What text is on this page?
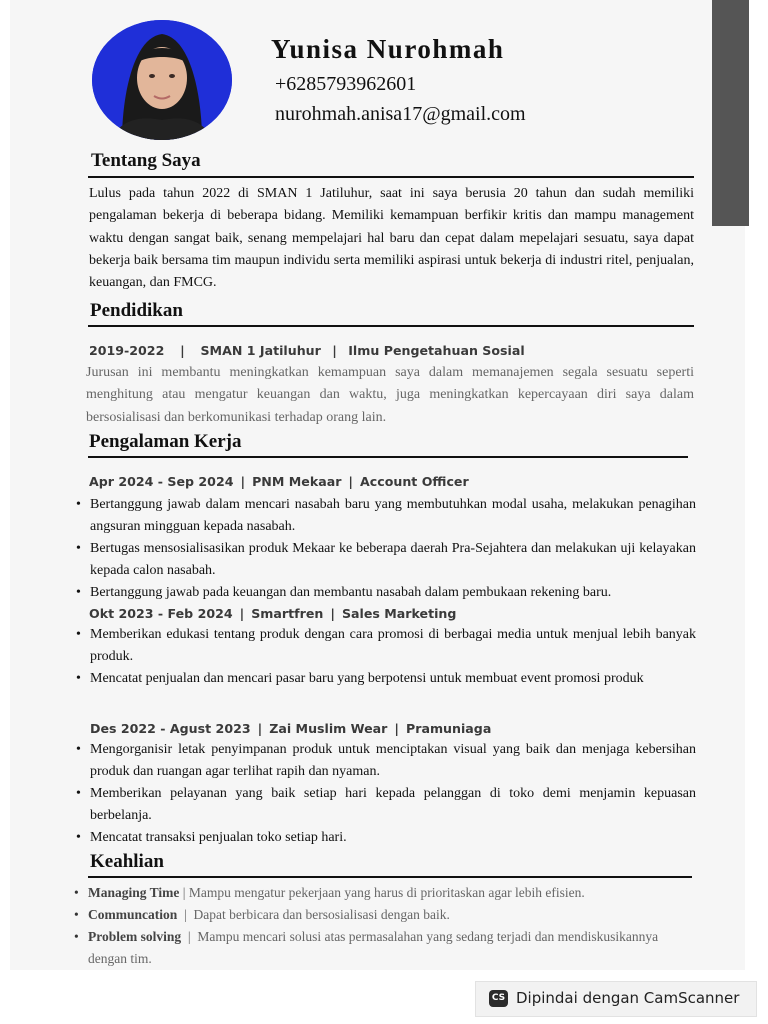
Yunisa Nurohmah
+6285793962601
nurohmah.anisa17@gmail.com
Tentang Saya
Lulus pada tahun 2022 di SMAN 1 Jatiluhur, saat ini saya berusia 20 tahun dan sudah memiliki pengalaman bekerja di beberapa bidang. Memiliki kemampuan berfikir kritis dan mampu management waktu dengan sangat baik, senang mempelajari hal baru dan cepat dalam mepelajari sesuatu, saya dapat bekerja baik bersama tim maupun individu serta memiliki aspirasi untuk bekerja di industri ritel, penjualan, keuangan, dan FMCG.
Pendidikan
2019-2022  |  SMAN 1 Jatiluhur | Ilmu Pengetahuan Sosial
Jurusan ini membantu meningkatkan kemampuan saya dalam memanajemen segala sesuatu seperti menghitung atau mengatur keuangan dan waktu, juga meningkatkan kepercayaan diri saya dalam bersosialisasi dan berkomunikasi terhadap orang lain.
Pengalaman Kerja
Apr 2024 - Sep 2024 | PNM Mekaar | Account Officer
• Bertanggung jawab dalam mencari nasabah baru yang membutuhkan modal usaha, melakukan penagihan angsuran mingguan kepada nasabah.
• Bertugas mensosialisasikan produk Mekaar ke beberapa daerah Pra-Sejahtera dan melakukan uji kelayakan kepada calon nasabah.
• Bertanggung jawab pada keuangan dan membantu nasabah dalam pembukaan rekening baru.
Okt 2023 - Feb 2024 | Smartfren | Sales Marketing
• Memberikan edukasi tentang produk dengan cara promosi di berbagai media untuk menjual lebih banyak produk.
• Mencatat penjualan dan mencari pasar baru yang berpotensi untuk membuat event promosi produk
Des 2022 - Agust 2023 | Zai Muslim Wear | Pramuniaga
• Mengorganisir letak penyimpanan produk untuk menciptakan visual yang baik dan menjaga kebersihan produk dan ruangan agar terlihat rapih dan nyaman.
• Memberikan pelayanan yang baik setiap hari kepada pelanggan di toko demi menjamin kepuasan berbelanja.
• Mencatat transaksi penjualan toko setiap hari.
Keahlian
• Managing Time | Mampu mengatur pekerjaan yang harus di prioritaskan agar lebih efisien.
• Communcation  |  Dapat berbicara dan bersosialisasi dengan baik.
• Problem solving  |  Mampu mencari solusi atas permasalahan yang sedang terjadi dan mendiskusikannya dengan tim.
CS Dipindai dengan CamScanner
